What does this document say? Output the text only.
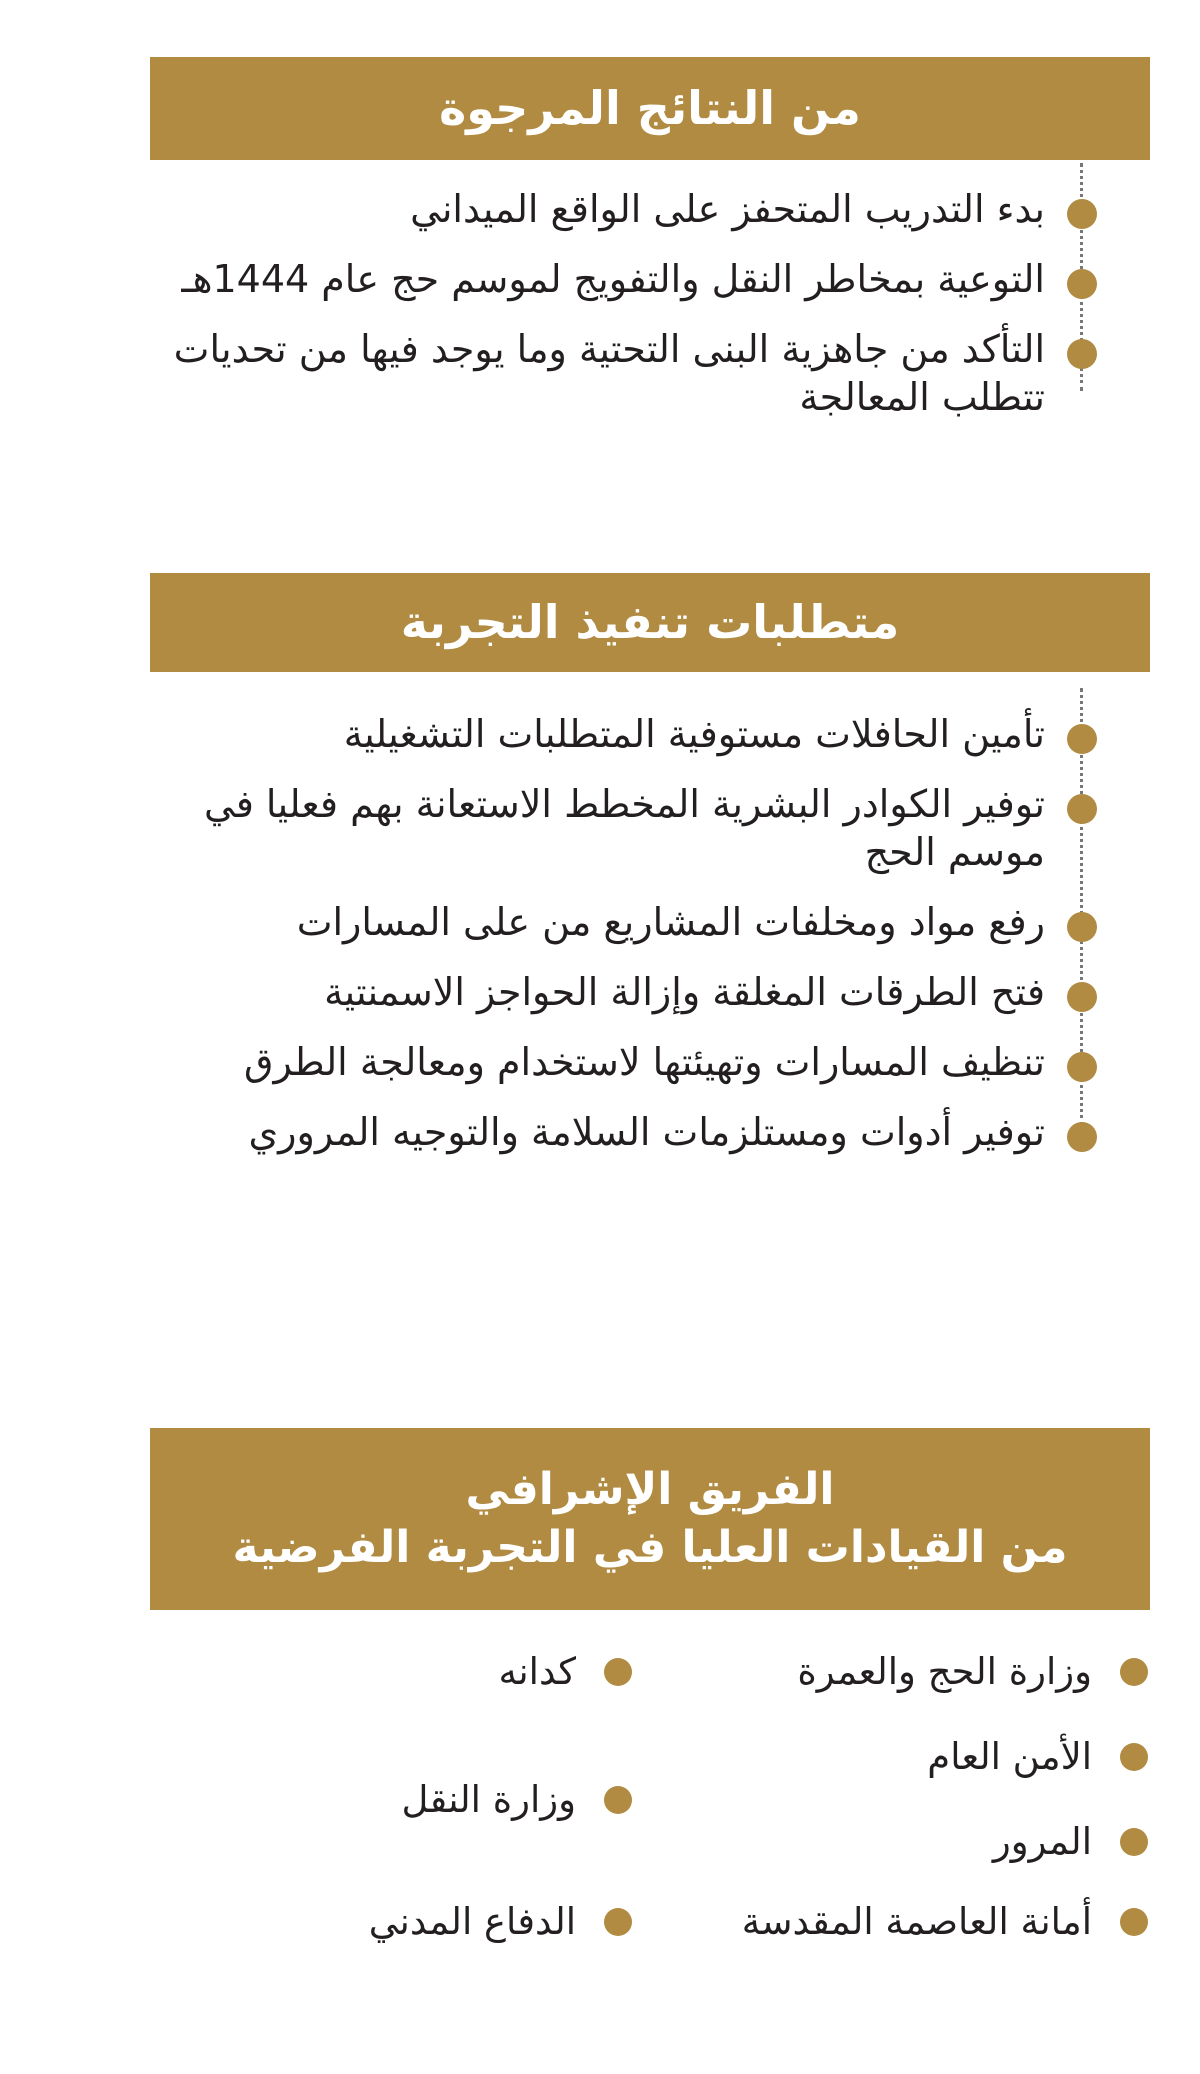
من النتائج المرجوة
بدء التدريب المتحفز على الواقع الميداني
التوعية بمخاطر النقل والتفويج لموسم حج عام 1444هـ
التأكد من جاهزية البنى التحتية وما يوجد فيها من تحديات تتطلب المعالجة
متطلبات تنفيذ التجربة
تأمين الحافلات مستوفية المتطلبات التشغيلية
توفير الكوادر البشرية المخطط الاستعانة بهم فعليا في موسم الحج
رفع مواد ومخلفات المشاريع من على المسارات
فتح الطرقات المغلقة وإزالة الحواجز الاسمنتية
تنظيف المسارات وتهيئتها لاستخدام ومعالجة الطرق
توفير أدوات ومستلزمات السلامة والتوجيه المروري
الفريق الإشرافي
من القيادات العليا في التجربة الفرضية
وزارة الحج والعمرة
الأمن العام
المرور
أمانة العاصمة المقدسة
كدانه
وزارة النقل
الدفاع المدني
